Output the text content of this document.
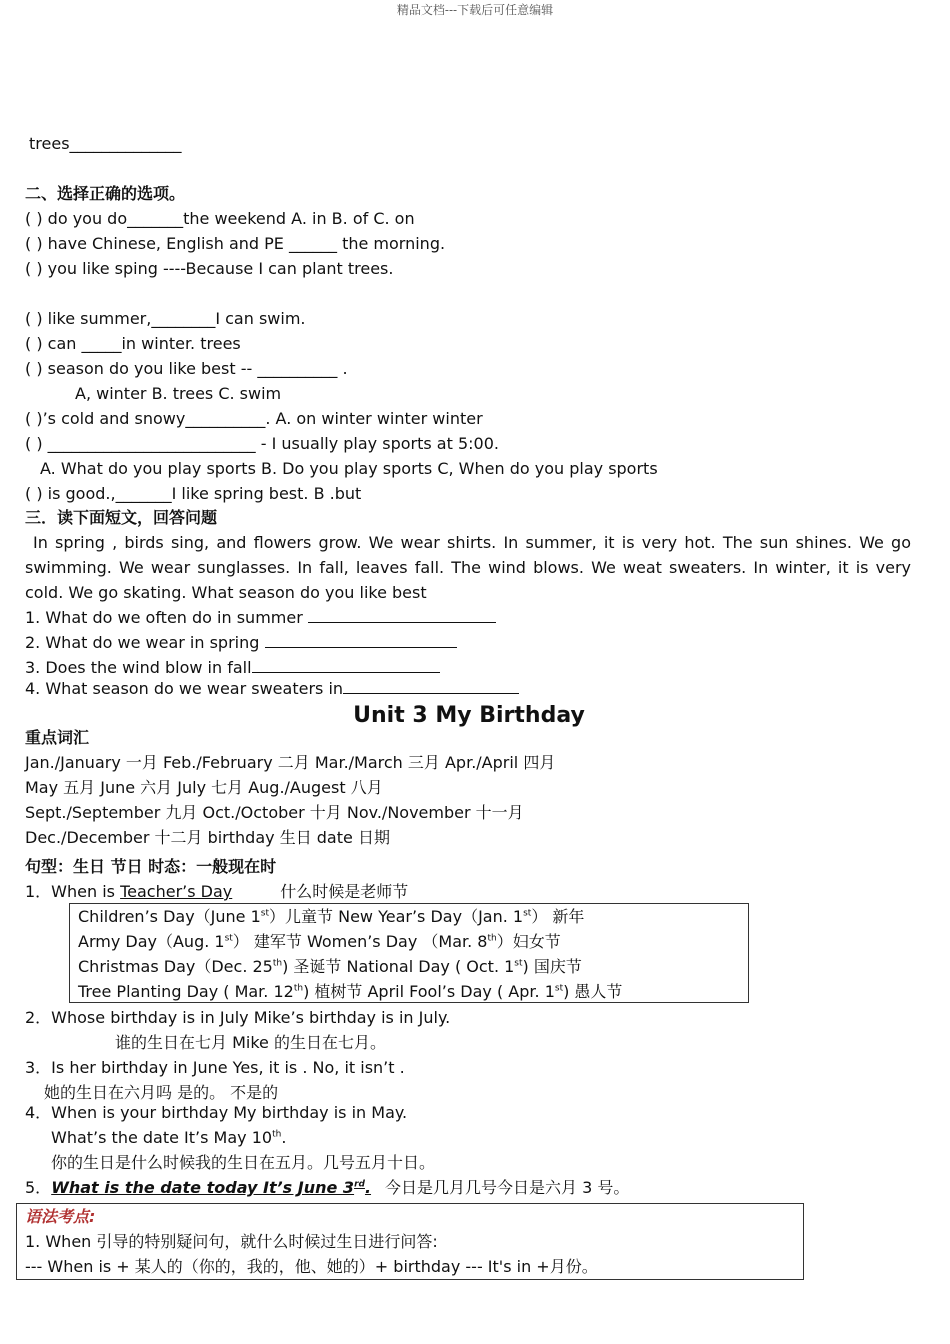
精品文档---下载后可任意编辑
trees______________
二、选择正确的选项。
( ) do you do_______the weekend A. in B. of C. on
( ) have Chinese, English and PE ______ the morning.
( ) you like sping ----Because I can plant trees.
( ) like summer,________I can swim.
( ) can _____in winter. trees
( ) season do you like best -- __________ .
A, winter B. trees C. swim
( )’s cold and snowy__________. A. on winter winter winter
( ) __________________________ - I usually play sports at 5:00.
A. What do you play sports B. Do you play sports C, When do you play sports
( ) is good.,_______I like spring best. B .but
三．读下面短文，回答问题
In spring , birds sing, and flowers grow. We wear shirts. In summer, it is very hot. The sun shines. We go swimming. We wear sunglasses. In fall, leaves fall. The wind blows. We weat sweaters. In winter, it is very cold. We go skating. What season do you like best
1. What do we often do in summer
2. What do we wear in spring
3. Does the wind blow in fall
4. What season do we wear sweaters in
Unit 3 My Birthday
重点词汇
Jan./January 一月 Feb./February 二月 Mar./March 三月 Apr./April 四月
May 五月 June 六月 July 七月 Aug./Augest 八月
Sept./September 九月 Oct./October 十月 Nov./November 十一月
Dec./December 十二月 birthday 生日 date 日期
句型：生日 节日 时态：一般现在时
1．When is Teacher’s Day	什么时候是老师节
Children’s Day（June 1st）儿童节 New Year’s Day（Jan. 1st） 新年
Army Day（Aug. 1st） 建军节 Women’s Day （Mar. 8th）妇女节
Christmas Day（Dec. 25th) 圣诞节 National Day ( Oct. 1st) 国庆节
Tree Planting Day ( Mar. 12th) 植树节 April Fool’s Day ( Apr. 1st) 愚人节
2．Whose birthday is in July Mike’s birthday is in July.
谁的生日在七月 Mike 的生日在七月。
3．Is her birthday in June Yes, it is . No, it isn’t .
她的生日在六月吗 是的。 不是的
4．When is your birthday My birthday is in May.
What’s the date It’s May 10th.
你的生日是什么时候我的生日在五月。几号五月十日。
5．What is the date today It’s June 3rd. 今日是几月几号今日是六月 3 号。
语法考点:
1. When 引导的特别疑问句，就什么时候过生日进行问答:
--- When is + 某人的（你的，我的，他、她的）+ birthday --- It's in +月份。
